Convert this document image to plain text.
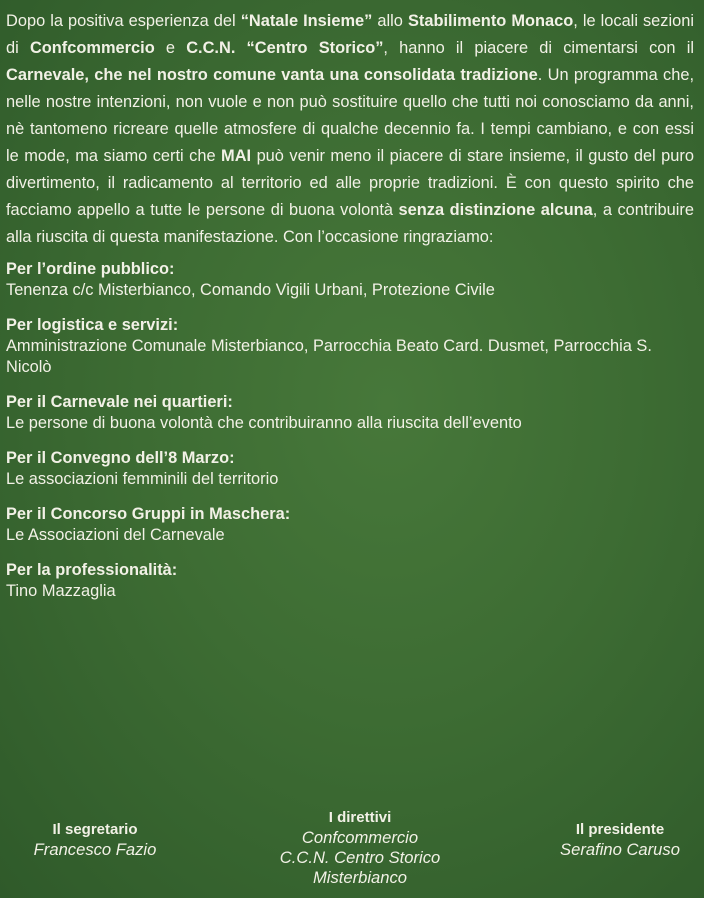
Dopo la positiva esperienza del “Natale Insieme” allo Stabilimento Monaco, le locali sezioni di Confcommercio e C.C.N. “Centro Storico”, hanno il piacere di cimentarsi con il Carnevale, che nel nostro comune vanta una consolidata tradizione. Un programma che, nelle nostre intenzioni, non vuole e non può sostituire quello che tutti noi conosciamo da anni, nè tantomeno ricreare quelle atmosfere di qualche decennio fa. I tempi cambiano, e con essi le mode, ma siamo certi che MAI può venir meno il piacere di stare insieme, il gusto del puro divertimento, il radicamento al territorio ed alle proprie tradizioni. È con questo spirito che facciamo appello a tutte le persone di buona volontà senza distinzione alcuna, a contribuire alla riuscita di questa manifestazione. Con l’occasione ringraziamo:

Per l’ordine pubblico:
Tenenza c/c Misterbianco, Comando Vigili Urbani, Protezione Civile
Per logistica e servizi:
Amministrazione Comunale Misterbianco, Parrocchia Beato Card. Dusmet, Parrocchia S. Nicolò
Per il Carnevale nei quartieri:
Le persone di buona volontà che contribuiranno alla riuscita dell’evento
Per il Convegno dell’8 Marzo:
Le associazioni femminili del territorio
Per il Concorso Gruppi in Maschera:
Le Associazioni del Carnevale
Per la professionalità:
Tino Mazzaglia
Il segretario
Francesco Fazio
I direttivi
Confcommercio
C.C.N. Centro Storico
Misterbianco
Il presidente
Serafino Caruso
